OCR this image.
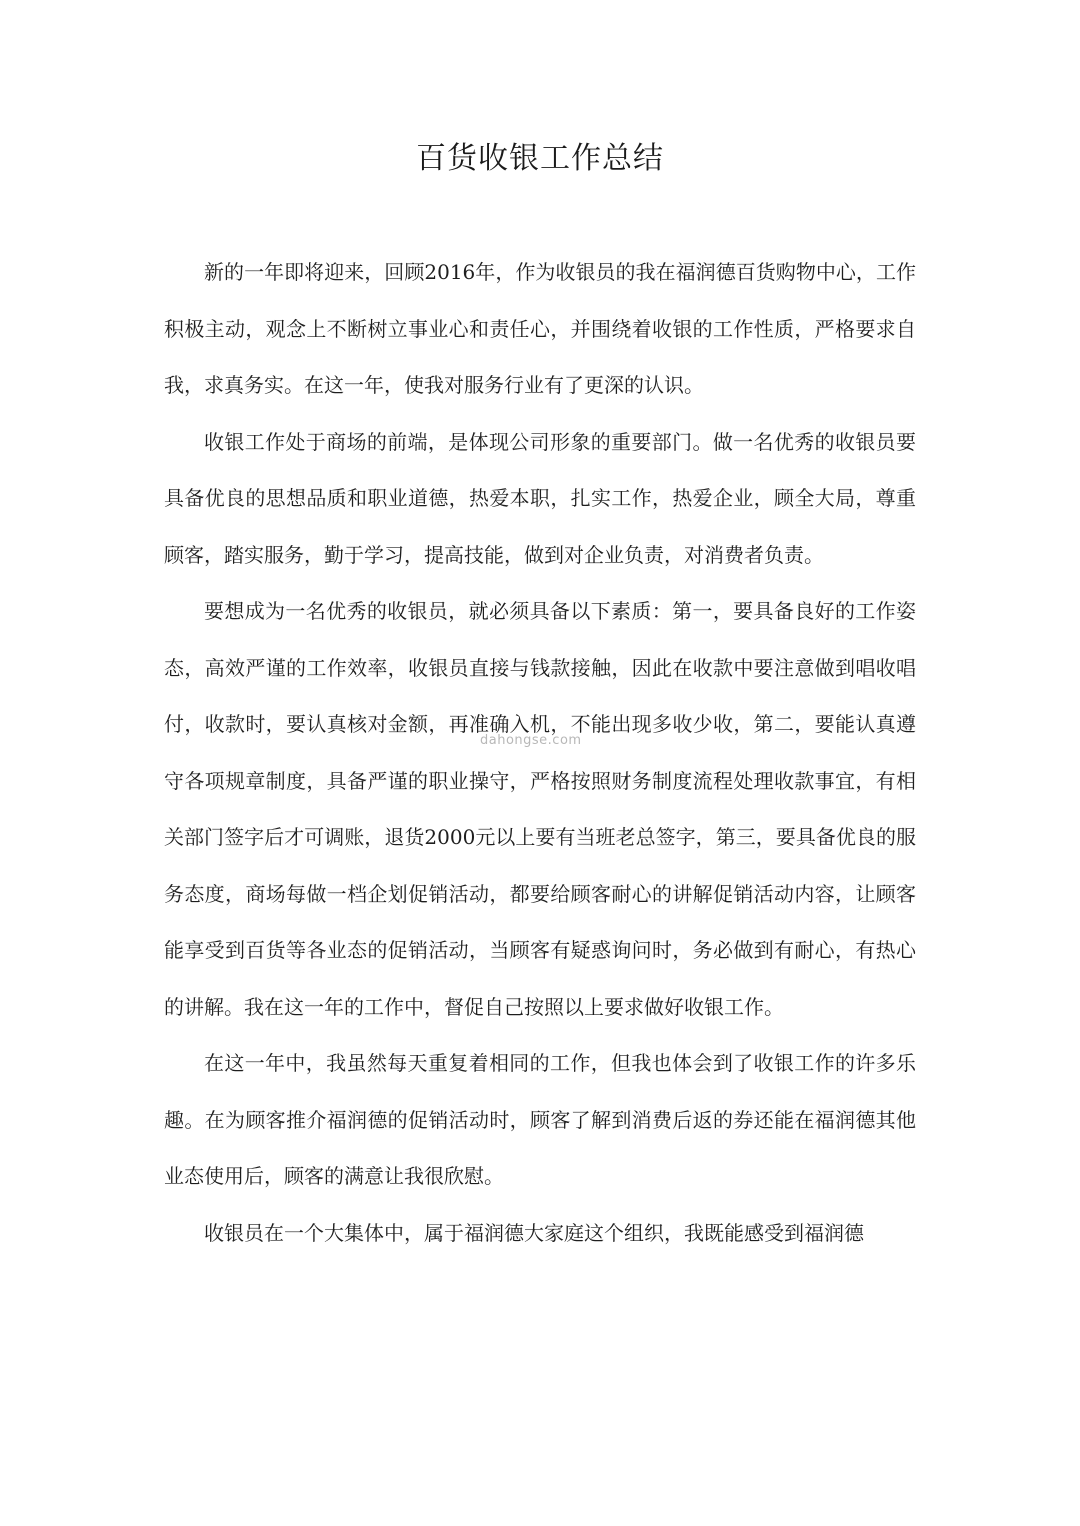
百货收银工作总结

新的一年即将迎来，回顾2016年，作为收银员的我在福润德百货购物中心，工作积极主动，观念上不断树立事业心和责任心，并围绕着收银的工作性质，严格要求自我，求真务实。在这一年，使我对服务行业有了更深的认识。

收银工作处于商场的前端，是体现公司形象的重要部门。做一名优秀的收银员要具备优良的思想品质和职业道德，热爱本职，扎实工作，热爱企业，顾全大局，尊重顾客，踏实服务，勤于学习，提高技能，做到对企业负责，对消费者负责。

要想成为一名优秀的收银员，就必须具备以下素质：第一，要具备良好的工作姿态，高效严谨的工作效率，收银员直接与钱款接触，因此在收款中要注意做到唱收唱付，收款时，要认真核对金额，再准确入机，不能出现多收少收，第二，要能认真遵守各项规章制度，具备严谨的职业操守，严格按照财务制度流程处理收款事宜，有相关部门签字后才可调账，退货2000元以上要有当班老总签字，第三，要具备优良的服务态度，商场每做一档企划促销活动，都要给顾客耐心的讲解促销活动内容，让顾客能享受到百货等各业态的促销活动，当顾客有疑惑询问时，务必做到有耐心，有热心的讲解。我在这一年的工作中，督促自己按照以上要求做好收银工作。

在这一年中，我虽然每天重复着相同的工作，但我也体会到了收银工作的许多乐趣。在为顾客推介福润德的促销活动时，顾客了解到消费后返的券还能在福润德其他业态使用后，顾客的满意让我很欣慰。

收银员在一个大集体中，属于福润德大家庭这个组织，我既能感受到福润德

dahongse.com
